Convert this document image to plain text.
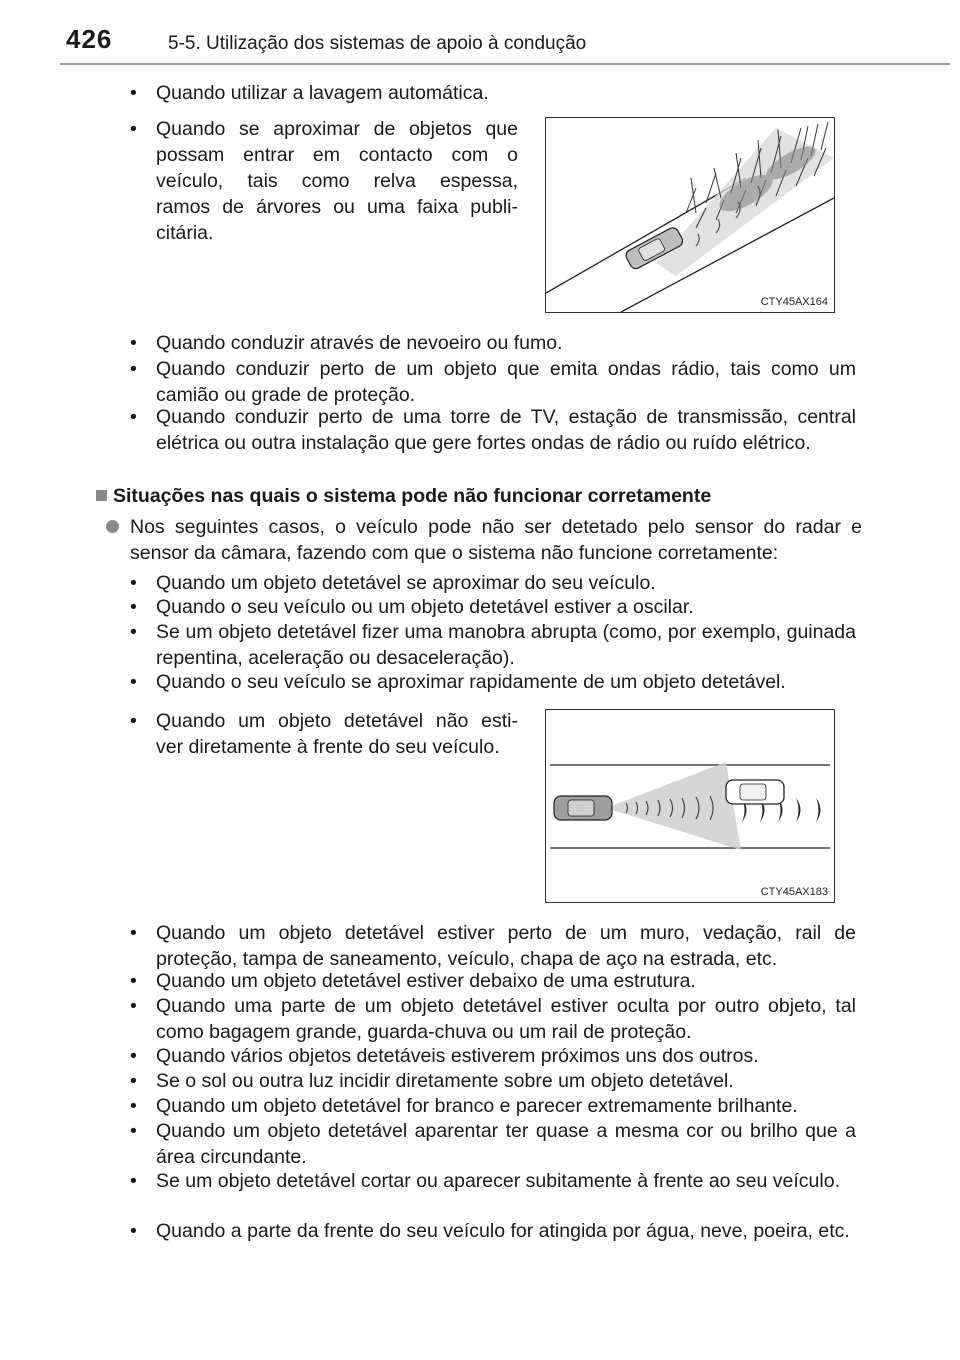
426	5-5. Utilização dos sistemas de apoio à condução
• Quando utilizar a lavagem automática.
• Quando se aproximar de objetos que
possam entrar em contacto com o
veículo, tais como relva espessa,
ramos de árvores ou uma faixa publi-
citária.
CTY45AX164
• Quando conduzir através de nevoeiro ou fumo.
• Quando conduzir perto de um objeto que emita ondas rádio, tais como um camião ou grade de proteção.
• Quando conduzir perto de uma torre de TV, estação de transmissão, central elétrica ou outra instalação que gere fortes ondas de rádio ou ruído elétrico.
Situações nas quais o sistema pode não funcionar corretamente
Nos seguintes casos, o veículo pode não ser detetado pelo sensor do radar e sensor da câmara, fazendo com que o sistema não funcione corretamente:
• Quando um objeto detetável se aproximar do seu veículo.
• Quando o seu veículo ou um objeto detetável estiver a oscilar.
• Se um objeto detetável fizer uma manobra abrupta (como, por exemplo, guinada repentina, aceleração ou desaceleração).
• Quando o seu veículo se aproximar rapidamente de um objeto detetável.
• Quando um objeto detetável não esti-
ver diretamente à frente do seu veículo.
CTY45AX183
• Quando um objeto detetável estiver perto de um muro, vedação, rail de proteção, tampa de saneamento, veículo, chapa de aço na estrada, etc.
• Quando um objeto detetável estiver debaixo de uma estrutura.
• Quando uma parte de um objeto detetável estiver oculta por outro objeto, tal como bagagem grande, guarda-chuva ou um rail de proteção.
• Quando vários objetos detetáveis estiverem próximos uns dos outros.
• Se o sol ou outra luz incidir diretamente sobre um objeto detetável.
• Quando um objeto detetável for branco e parecer extremamente brilhante.
• Quando um objeto detetável aparentar ter quase a mesma cor ou brilho que a área circundante.
• Se um objeto detetável cortar ou aparecer subitamente à frente ao seu veículo.
• Quando a parte da frente do seu veículo for atingida por água, neve, poeira, etc.
